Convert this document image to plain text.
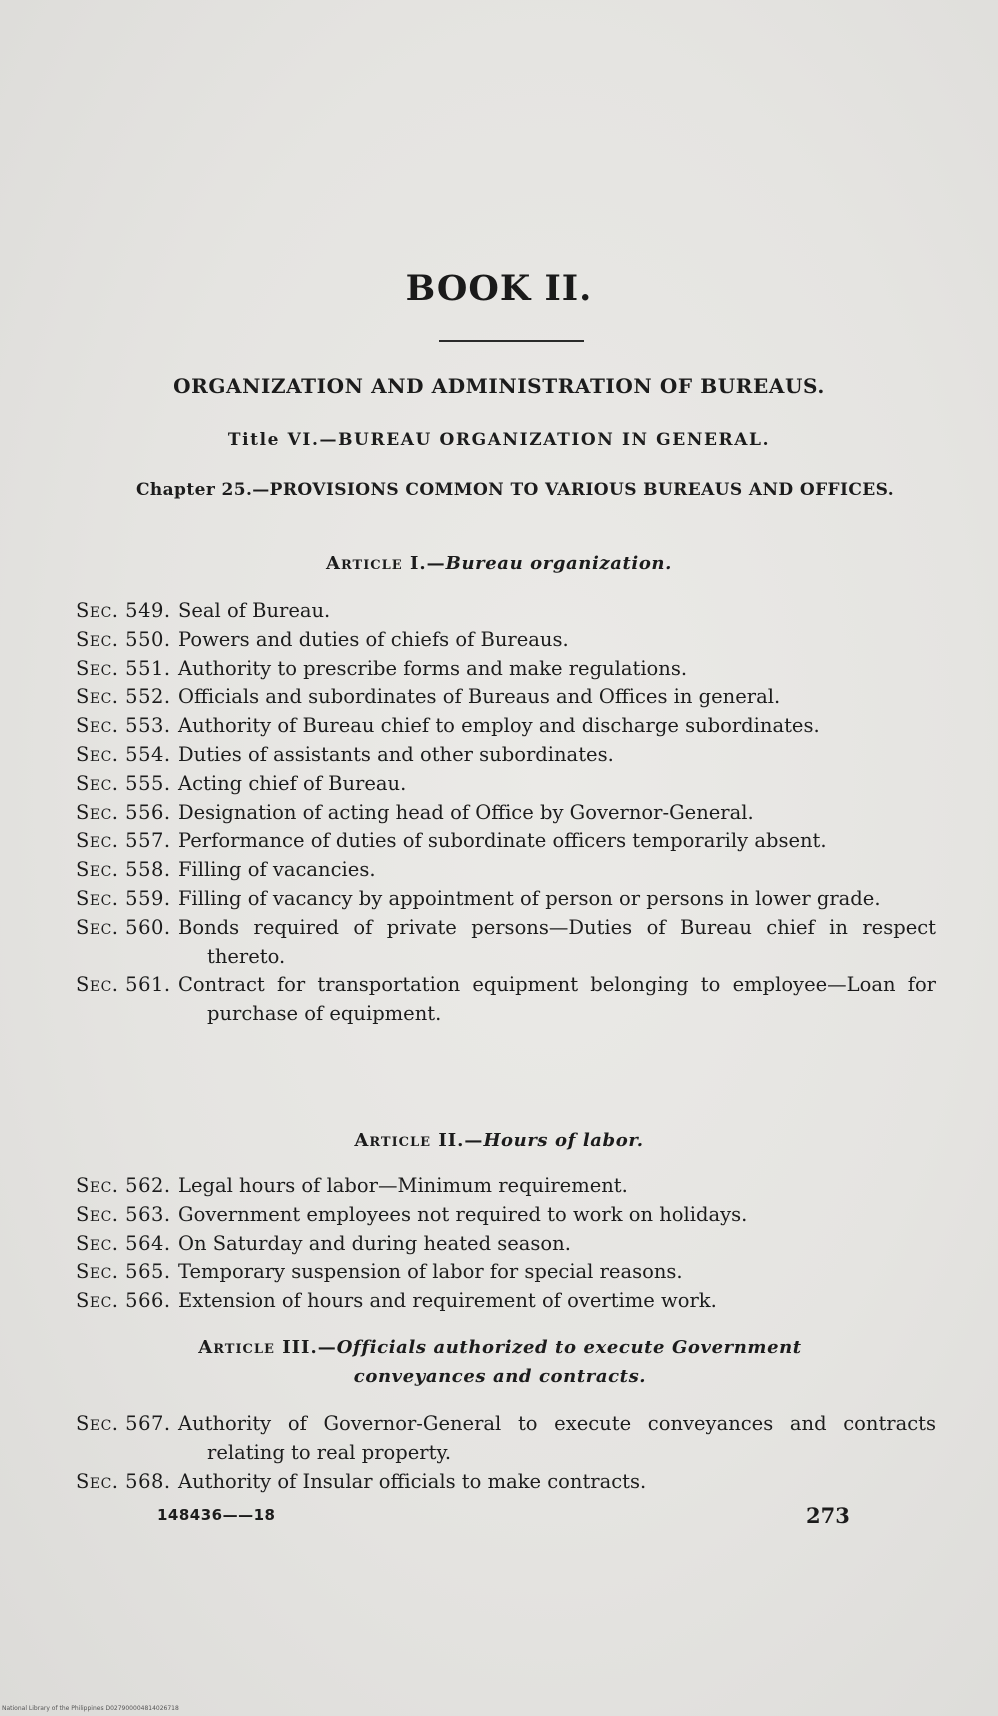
BOOK II.
ORGANIZATION AND ADMINISTRATION OF BUREAUS.
Title VI.—BUREAU ORGANIZATION IN GENERAL.
Chapter 25.—PROVISIONS COMMON TO VARIOUS BUREAUS AND OFFICES.
Article I.—Bureau organization.
Sec. 549. Seal of Bureau.
Sec. 550. Powers and duties of chiefs of Bureaus.
Sec. 551. Authority to prescribe forms and make regulations.
Sec. 552. Officials and subordinates of Bureaus and Offices in general.
Sec. 553. Authority of Bureau chief to employ and discharge subordinates.
Sec. 554. Duties of assistants and other subordinates.
Sec. 555. Acting chief of Bureau.
Sec. 556. Designation of acting head of Office by Governor-General.
Sec. 557. Performance of duties of subordinate officers temporarily absent.
Sec. 558. Filling of vacancies.
Sec. 559. Filling of vacancy by appointment of person or persons in lower grade.
Sec. 560. Bonds required of private persons—Duties of Bureau chief in respect thereto.
Sec. 561. Contract for transportation equipment belonging to employee—Loan for purchase of equipment.
Article II.—Hours of labor.
Sec. 562. Legal hours of labor—Minimum requirement.
Sec. 563. Government employees not required to work on holidays.
Sec. 564. On Saturday and during heated season.
Sec. 565. Temporary suspension of labor for special reasons.
Sec. 566. Extension of hours and requirement of overtime work.
Article III.—Officials authorized to execute Government conveyances and contracts.
Sec. 567. Authority of Governor-General to execute conveyances and contracts relating to real property.
Sec. 568. Authority of Insular officials to make contracts.
148436——18	273
National Library of the Philippines D027900004814026718
